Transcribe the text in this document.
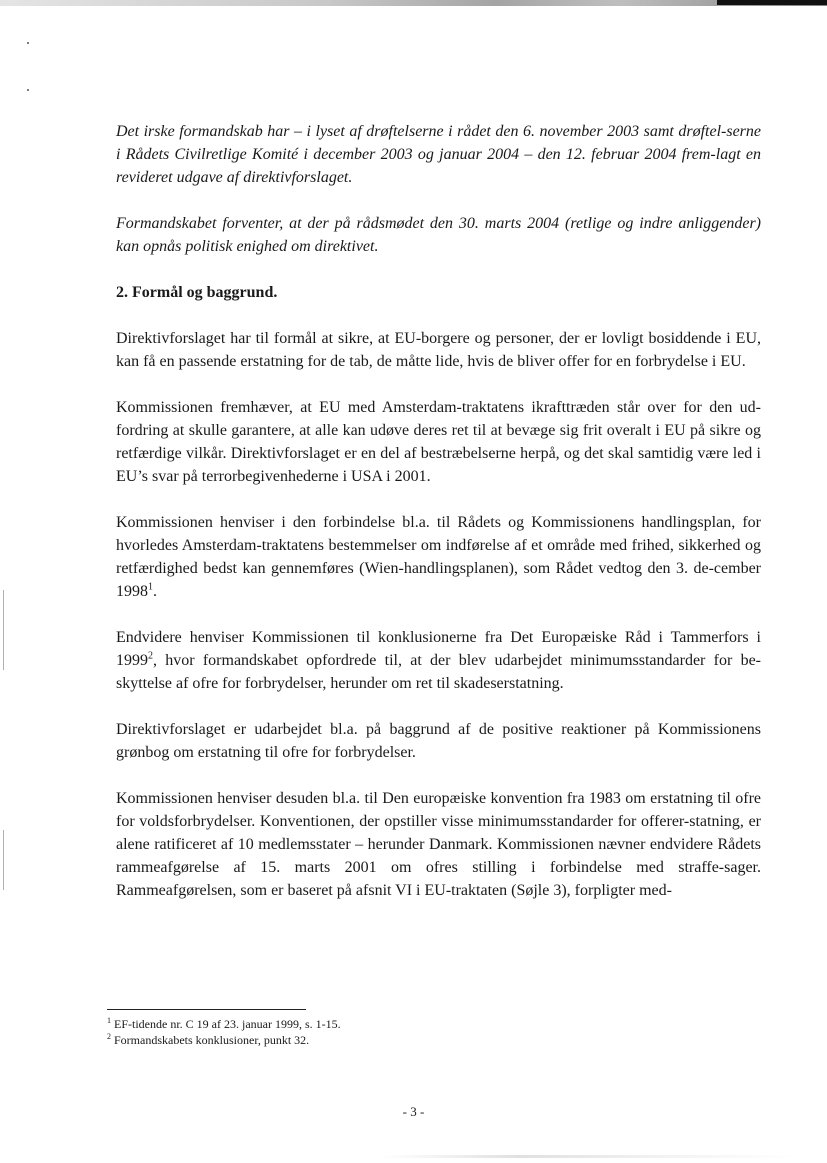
Det irske formandskab har – i lyset af drøftelserne i rådet den 6. november 2003 samt drøftel-serne i Rådets Civilretlige Komité i december 2003 og januar 2004 – den 12. februar 2004 frem-lagt en revideret udgave af direktivforslaget.

Formandskabet forventer, at der på rådsmødet den 30. marts 2004 (retlige og indre anliggender) kan opnås politisk enighed om direktivet.

2. Formål og baggrund.

Direktivforslaget har til formål at sikre, at EU-borgere og personer, der er lovligt bosiddende i EU, kan få en passende erstatning for de tab, de måtte lide, hvis de bliver offer for en forbrydelse i EU.

Kommissionen fremhæver, at EU med Amsterdam-traktatens ikrafttræden står over for den ud-fordring at skulle garantere, at alle kan udøve deres ret til at bevæge sig frit overalt i EU på sikre og retfærdige vilkår. Direktivforslaget er en del af bestræbelserne herpå, og det skal samtidig være led i EU’s svar på terrorbegivenhederne i USA i 2001.

Kommissionen henviser i den forbindelse bl.a. til Rådets og Kommissionens handlingsplan, for hvorledes Amsterdam-traktatens bestemmelser om indførelse af et område med frihed, sikkerhed og retfærdighed bedst kan gennemføres (Wien-handlingsplanen), som Rådet vedtog den 3. de-cember 1998$^1$.

Endvidere henviser Kommissionen til konklusionerne fra Det Europæiske Råd i Tammerfors i 1999$^2$, hvor formandskabet opfordrede til, at der blev udarbejdet minimumsstandarder for be-skyttelse af ofre for forbrydelser, herunder om ret til skadeserstatning.

Direktivforslaget er udarbejdet bl.a. på baggrund af de positive reaktioner på Kommissionens grønbog om erstatning til ofre for forbrydelser.

Kommissionen henviser desuden bl.a. til Den europæiske konvention fra 1983 om erstatning til ofre for voldsforbrydelser. Konventionen, der opstiller visse minimumsstandarder for offerer-statning, er alene ratificeret af 10 medlemsstater – herunder Danmark. Kommissionen nævner endvidere Rådets rammeafgørelse af 15. marts 2001 om ofres stilling i forbindelse med straffe-sager. Rammeafgørelsen, som er baseret på afsnit VI i EU-traktaten (Søjle 3), forpligter med-

$^1$ EF-tidende nr. C 19 af 23. januar 1999, s. 1-15.
$^2$ Formandskabets konklusioner, punkt 32.
- 3 -
